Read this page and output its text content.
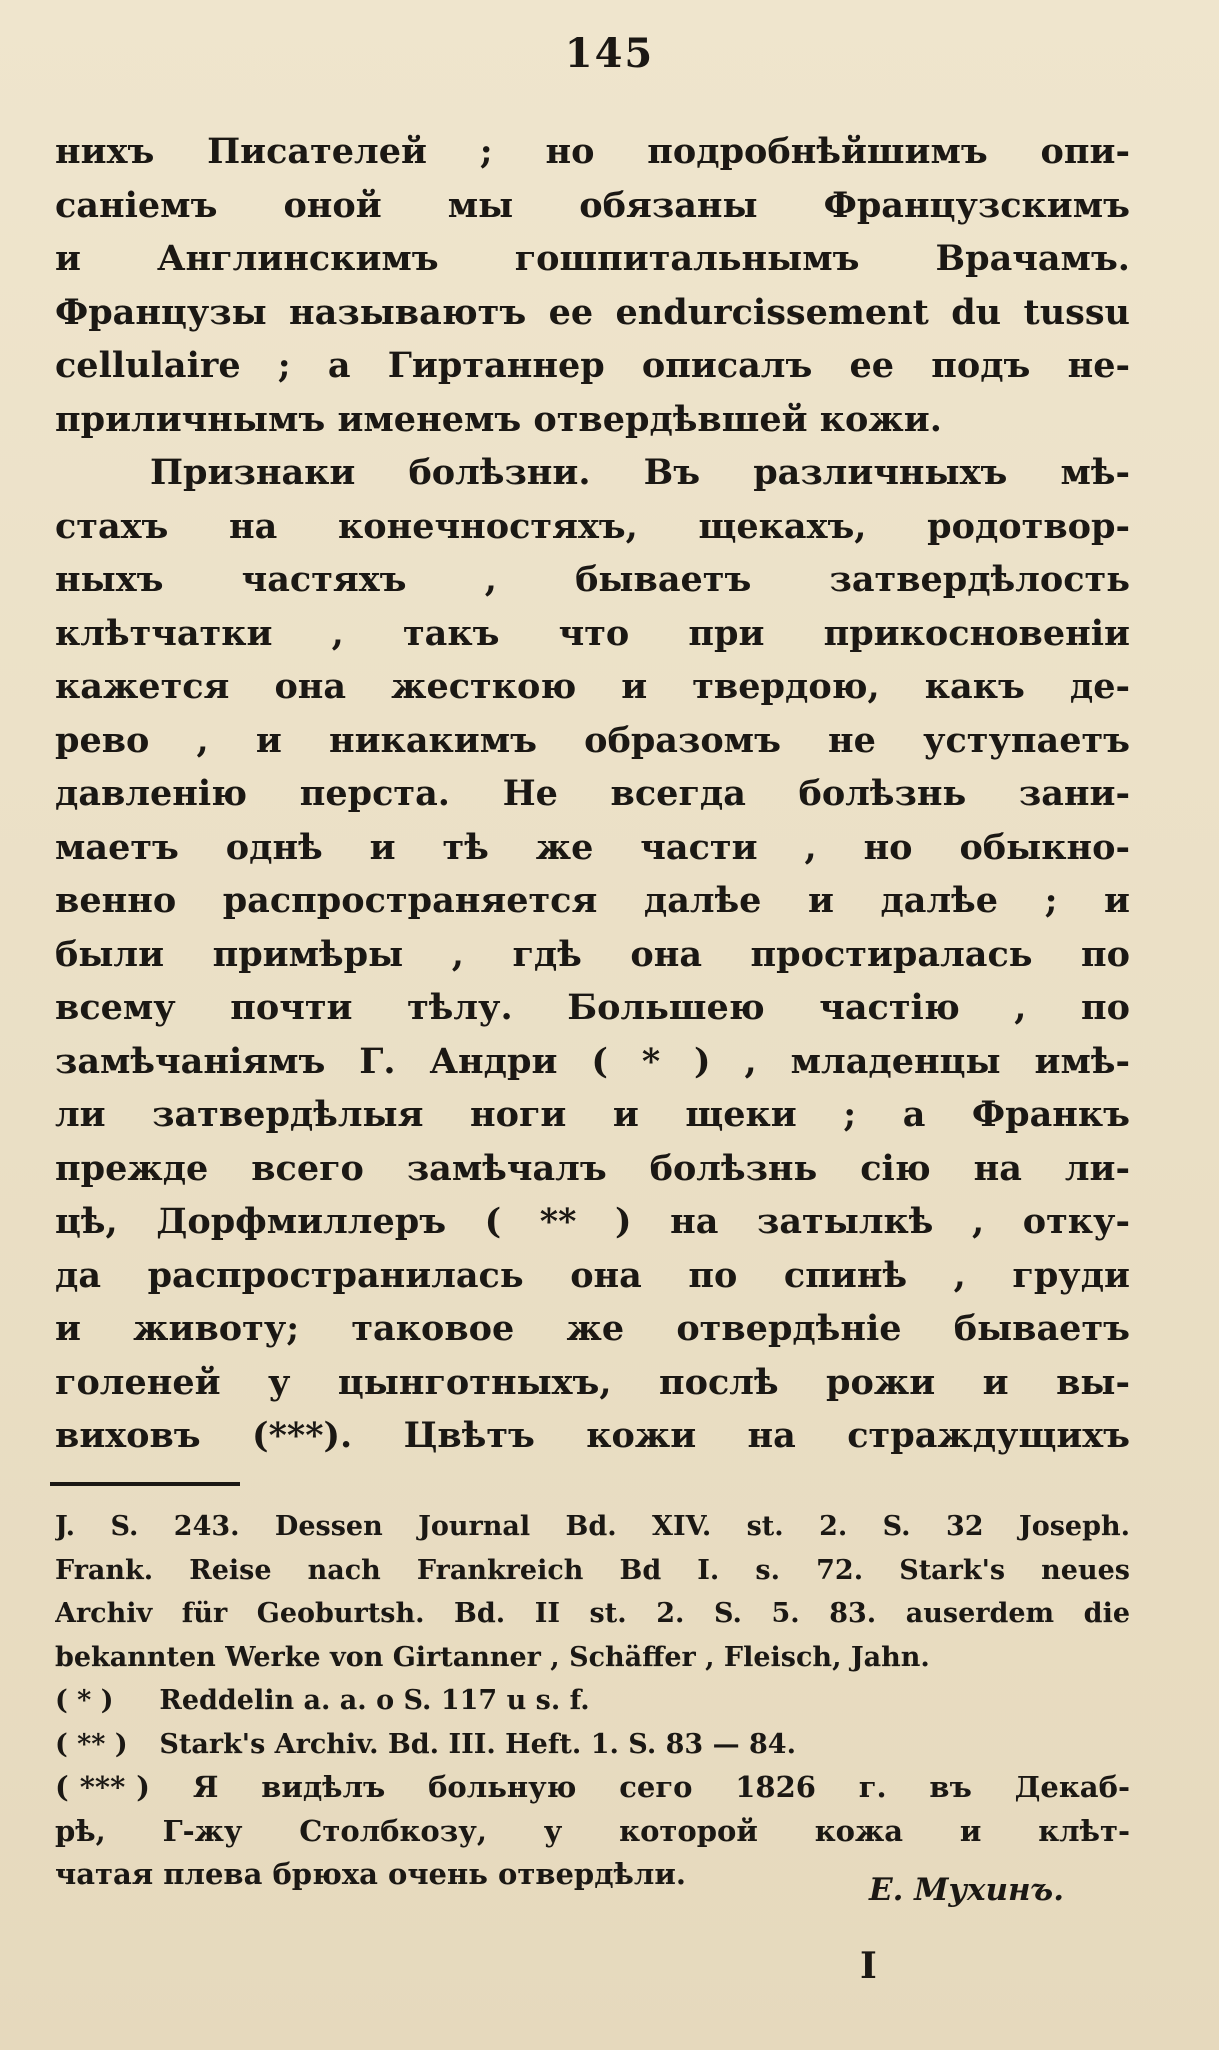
145
нихъ Писателей ; но подробнѣйшимъ опи-
саніемъ оной мы обязаны Французскимъ
и Англинскимъ гошпитальнымъ Врачамъ.
Французы называютъ ее endurcissement du tussu
cellulaire ; а Гиртаннер описалъ ее подъ не-
приличнымъ именемъ отвердѣвшей кожи.
Признаки болѣзни. Въ различныхъ мѣ-
стахъ на конечностяхъ, щекахъ, родотвор-
ныхъ частяхъ , бываетъ затвердѣлость
клѣтчатки , такъ что при прикосновеніи
кажется она жесткою и твердою, какъ де-
рево , и никакимъ образомъ не уступаетъ
давленію перста. Не всегда болѣзнь зани-
маетъ однѣ и тѣ же части , но обыкно-
венно распространяется далѣе и далѣе ; и
были примѣры , гдѣ она простиралась по
всему почти тѣлу. Большею частію , по
замѣчаніямъ Г. Андри ( * ) , младенцы имѣ-
ли затвердѣлыя ноги и щеки ; а Франкъ
прежде всего замѣчалъ болѣзнь сію на ли-
цѣ, Дорфмиллеръ ( ** ) на затылкѣ , отку-
да распространилась она по спинѣ , груди
и животу; таковое же отвердѣніе бываетъ
голеней у цынготныхъ, послѣ рожи и вы-
виховъ (***). Цвѣтъ кожи на страждущихъ
J. S. 243. Dessen Journal Bd. XIV. st. 2. S. 32 Joseph.
Frank. Reise nach Frankreich Bd I. s. 72. Stark's neues
Archiv für Geoburtsh. Bd. II st. 2. S. 5. 83. auserdem die
bekannten Werke von Girtanner , Schäffer , Fleisch, Jahn.
( * ) Reddelin a. a. o S. 117 u s. f.
( ** ) Stark's Archiv. Bd. III. Heft. 1. S. 83 — 84.
( *** ) Я видѣлъ больную сего 1826 г. въ Декаб-
рѣ, Г-жу Столбкозу, у которой кожа и клѣт-
чатая плева брюха очень отвердѣли.	Е. Мухинъ.
I
